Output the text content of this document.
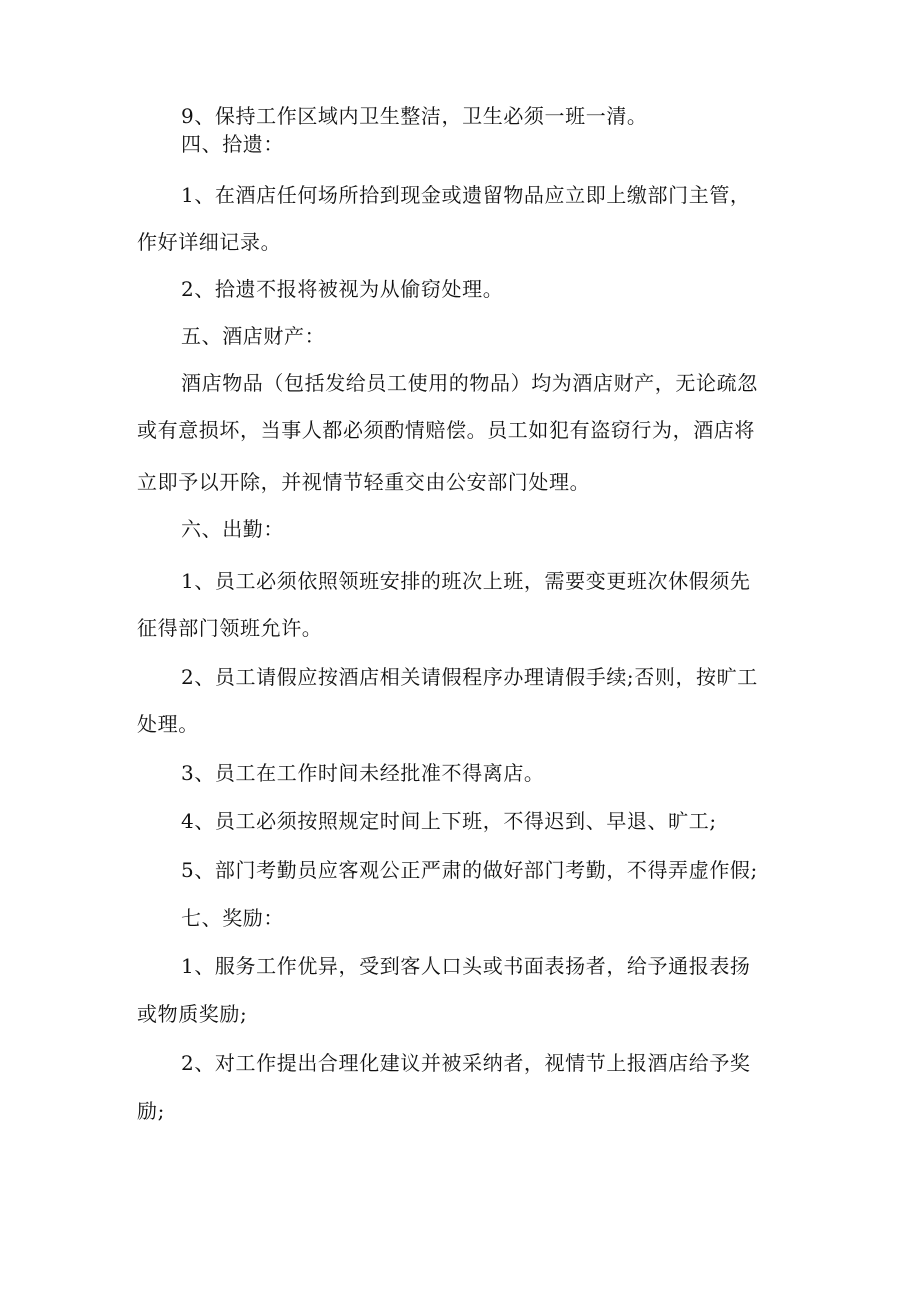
9、保持工作区域内卫生整洁，卫生必须一班一清。
四、拾遗：
1、在酒店任何场所拾到现金或遗留物品应立即上缴部门主管，
作好详细记录。
2、拾遗不报将被视为从偷窃处理。
五、酒店财产：
酒店物品（包括发给员工使用的物品）均为酒店财产，无论疏忽
或有意损坏，当事人都必须酌情赔偿。员工如犯有盗窃行为，酒店将
立即予以开除，并视情节轻重交由公安部门处理。
六、出勤：
1、员工必须依照领班安排的班次上班，需要变更班次休假须先
征得部门领班允许。
2、员工请假应按酒店相关请假程序办理请假手续;否则，按旷工
处理。
3、员工在工作时间未经批准不得离店。
4、员工必须按照规定时间上下班，不得迟到、早退、旷工;
5、部门考勤员应客观公正严肃的做好部门考勤，不得弄虚作假;
七、奖励：
1、服务工作优异，受到客人口头或书面表扬者，给予通报表扬
或物质奖励;
2、对工作提出合理化建议并被采纳者，视情节上报酒店给予奖
励;
